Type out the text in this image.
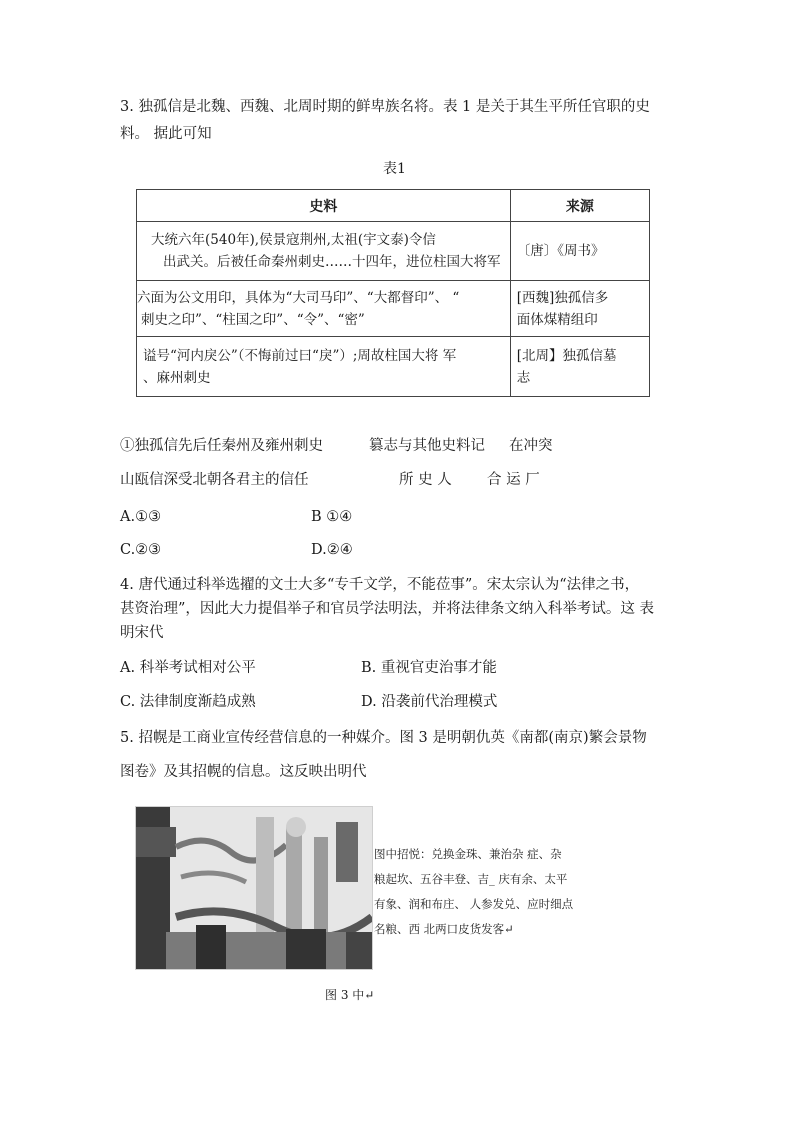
3. 独孤信是北魏、西魏、北周时期的鲜卑族名将。表 1 是关于其生平所任官职的史
料。 据此可知
表1
史料	来源

大统六年(540年),侯景寇荆州,太祖(宇文泰)令信
出武关。后被任命秦州刺史……十四年，进位柱国大将军	〔唐〕《周书》

六面为公文用印，具体为“大司马印”、“大都督印”、 “
刺史之印”、“柱国之印”、“令”、“密”	[西魏]独孤信多
面体煤精组印

谥号“河内戾公”（不悔前过曰“戾”）;周故柱国大将 军
、麻州刺史	[北周】独孤信墓
志
①独孤信先后任秦州及雍州刺史	篡志与其他史料记 在冲突
山瓯信深受北朝各君主的信任	所 史 人 合 运 厂
A.①③	B ①④
C.②③	D.②④
4. 唐代通过科举选擢的文士大多“专千文学，不能莅事”。宋太宗认为“法律之书，
甚资治理”，因此大力提倡举子和官员学法明法，并将法律条文纳入科举考试。这 表
明宋代
A. 科举考试相对公平	B. 重视官吏治事才能
C. 法律制度渐趋成熟	D. 沿袭前代治理模式
5. 招幌是工商业宣传经营信息的一种媒介。图 3 是明朝仇英《南都(南京)繁会景物
图卷》及其招幌的信息。这反映出明代
图中招悦：兑换金珠、兼治杂 症、杂
粮起坎、五谷丰登、吉_ 庆有余、太平
有象、润和布庄、 人参发兑、应时细点
名粮、西 北两口皮货发客↵
图 3 中↵
